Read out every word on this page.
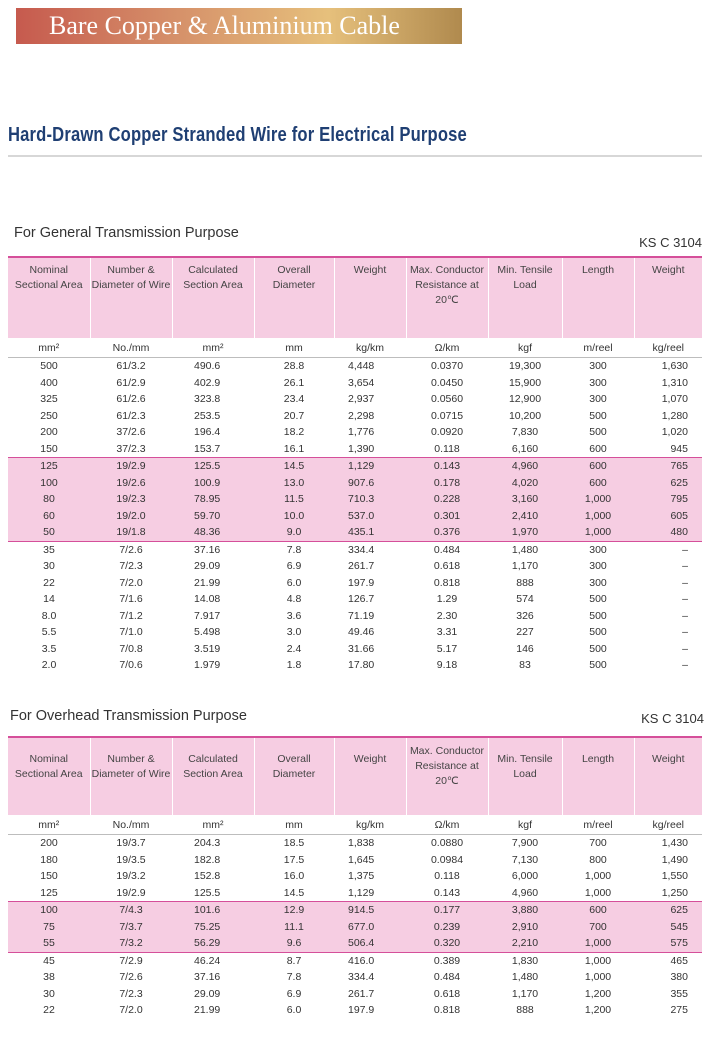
Bare Copper & Aluminium Cable
Hard-Drawn Copper Stranded Wire for Electrical Purpose
For General Transmission Purpose
KS C 3104
Nominal Sectional Area	Number & Diameter of Wire	Calculated Section Area	Overall Diameter	Weight	Max. Conductor Resistance at 20℃	Min. Tensile Load	Length	Weight
mm²	No./mm	mm²	mm	kg/km	Ω/km	kgf	m/reel	kg/reel
500	61/3.2	490.6	28.8	4,448	0.0370	19,300	300	1,630
400	61/2.9	402.9	26.1	3,654	0.0450	15,900	300	1,310
325	61/2.6	323.8	23.4	2,937	0.0560	12,900	300	1,070
250	61/2.3	253.5	20.7	2,298	0.0715	10,200	500	1,280
200	37/2.6	196.4	18.2	1,776	0.0920	7,830	500	1,020
150	37/2.3	153.7	16.1	1,390	0.118	6,160	600	945
125	19/2.9	125.5	14.5	1,129	0.143	4,960	600	765
100	19/2.6	100.9	13.0	907.6	0.178	4,020	600	625
80	19/2.3	78.95	11.5	710.3	0.228	3,160	1,000	795
60	19/2.0	59.70	10.0	537.0	0.301	2,410	1,000	605
50	19/1.8	48.36	9.0	435.1	0.376	1,970	1,000	480
35	7/2.6	37.16	7.8	334.4	0.484	1,480	300	–
30	7/2.3	29.09	6.9	261.7	0.618	1,170	300	–
22	7/2.0	21.99	6.0	197.9	0.818	888	300	–
14	7/1.6	14.08	4.8	126.7	1.29	574	500	–
8.0	7/1.2	7.917	3.6	71.19	2.30	326	500	–
5.5	7/1.0	5.498	3.0	49.46	3.31	227	500	–
3.5	7/0.8	3.519	2.4	31.66	5.17	146	500	–
2.0	7/0.6	1.979	1.8	17.80	9.18	83	500	–
For Overhead Transmission Purpose	KS C 3104
Nominal Sectional Area	Number & Diameter of Wire	Calculated Section Area	Overall Diameter	Weight	Max. Conductor Resistance at 20℃	Min. Tensile Load	Length	Weight
mm²	No./mm	mm²	mm	kg/km	Ω/km	kgf	m/reel	kg/reel
200	19/3.7	204.3	18.5	1,838	0.0880	7,900	700	1,430
180	19/3.5	182.8	17.5	1,645	0.0984	7,130	800	1,490
150	19/3.2	152.8	16.0	1,375	0.118	6,000	1,000	1,550
125	19/2.9	125.5	14.5	1,129	0.143	4,960	1,000	1,250
100	7/4.3	101.6	12.9	914.5	0.177	3,880	600	625
75	7/3.7	75.25	11.1	677.0	0.239	2,910	700	545
55	7/3.2	56.29	9.6	506.4	0.320	2,210	1,000	575
45	7/2.9	46.24	8.7	416.0	0.389	1,830	1,000	465
38	7/2.6	37.16	7.8	334.4	0.484	1,480	1,000	380
30	7/2.3	29.09	6.9	261.7	0.618	1,170	1,200	355
22	7/2.0	21.99	6.0	197.9	0.818	888	1,200	275
